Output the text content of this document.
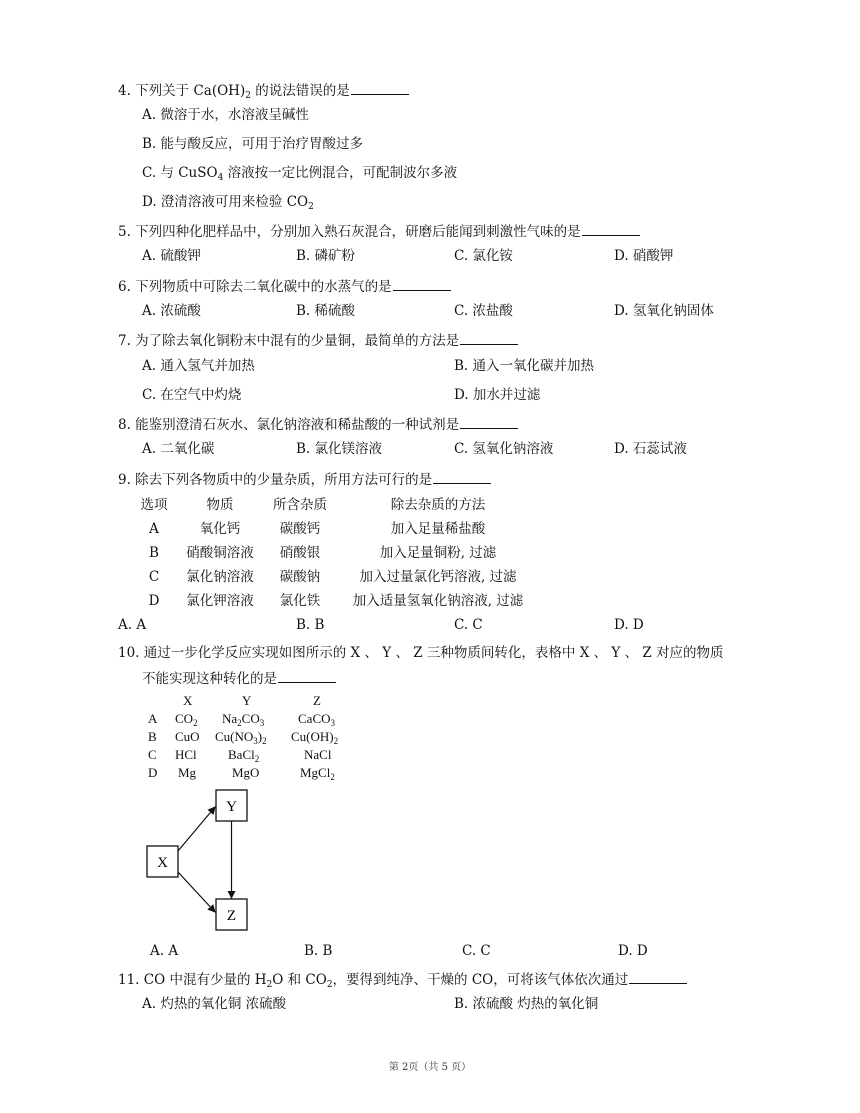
4. 下列关于 $Ca(OH)_2$ 的说法错误的是
A. 微溶于水，水溶液呈碱性
B. 能与酸反应，可用于治疗胃酸过多
C. 与 CuSO$_4$ 溶液按一定比例混合，可配制波尔多液
D. 澄清溶液可用来检验 $CO_2$
5. 下列四种化肥样品中，分别加入熟石灰混合，研磨后能闻到刺激性气味的是
A. 硫酸钾	B. 磷矿粉	C. 氯化铵	D. 硝酸钾
6. 下列物质中可除去二氧化碳中的水蒸气的是
A. 浓硫酸	B. 稀硫酸	C. 浓盐酸	D. 氢氧化钠固体
7. 为了除去氧化铜粉末中混有的少量铜，最简单的方法是
A. 通入氢气并加热	B. 通入一氧化碳并加热
C. 在空气中灼烧	D. 加水并过滤
8. 能鉴别澄清石灰水、氯化钠溶液和稀盐酸的一种试剂是
A. 二氧化碳	B. 氯化镁溶液	C. 氢氧化钠溶液	D. 石蕊试液
9. 除去下列各物质中的少量杂质，所用方法可行的是
选项	物质	所含杂质	除去杂质的方法
A	氧化钙	碳酸钙	加入足量稀盐酸
B 硝酸铜溶液 硝酸银	加入足量铜粉, 过滤
C 氯化钠溶液 碳酸钠	加入过量氯化钙溶液, 过滤
D 氯化钾溶液 氯化铁 加入适量氢氧化钠溶液, 过滤
A. A	B. B	C. C	D. D
10. 通过一步化学反应实现如图所示的 X 、 Y 、 Z 三种物质间转化，表格中 X 、 Y 、 Z 对应的物质
不能实现这种转化的是
X	Y	Z
A $CO_2$ $Na_2CO_3$	CaCO$_3$
B CuO $Cu(NO_3)_2$ $Cu(OH)_2$
C HCl BaCl$_2$	NaCl
D Mg	MgO	MgCl$_2$
X
Y
Z
A. A	B. B	C. C	D. D
11. CO 中混有少量的 $H_2O$ 和 $CO_2$，要得到纯净、干燥的 CO，可将该气体依次通过
A. 灼热的氧化铜 浓硫酸	B. 浓硫酸 灼热的氧化铜
第 2页（共 5 页）
